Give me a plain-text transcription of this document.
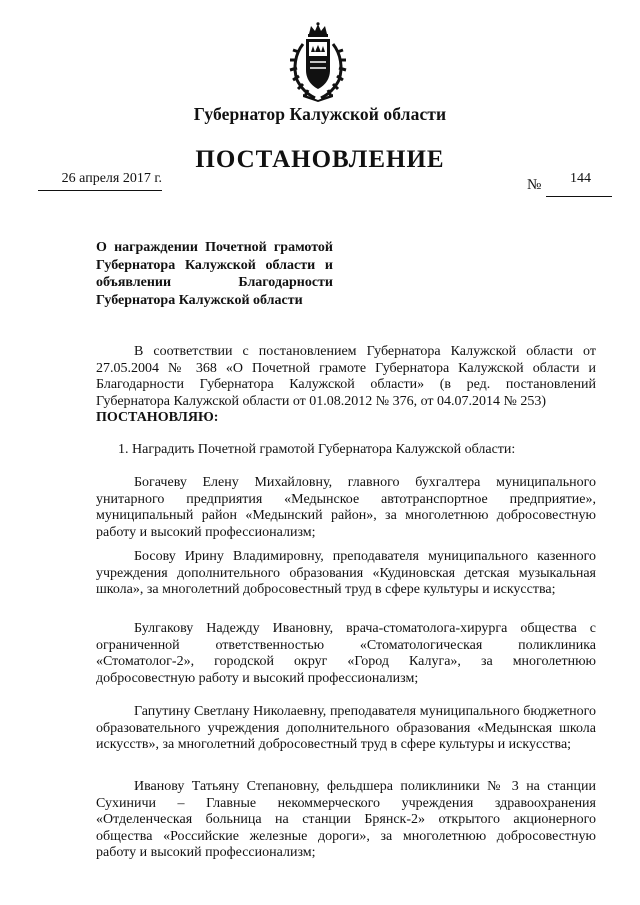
Губернатор Калужской области
ПОСТАНОВЛЕНИЕ
26 апреля 2017 г.	№ 144
О награждении Почетной грамотой Губернатора Калужской области и объявлении Благодарности Губернатора Калужской области
В соответствии с постановлением Губернатора Калужской области от 27.05.2004 № 368 «О Почетной грамоте Губернатора Калужской области и Благодарности Губернатора Калужской области» (в ред. постановлений Губернатора Калужской области от 01.08.2012 № 376, от 04.07.2014 № 253)
ПОСТАНОВЛЯЮ:
1. Наградить Почетной грамотой Губернатора Калужской области:
Богачеву Елену Михайловну, главного бухгалтера муниципального унитарного предприятия «Медынское автотранспортное предприятие», муниципальный район «Медынский район», за многолетнюю добросовестную работу и высокий профессионализм;
Босову Ирину Владимировну, преподавателя муниципального казенного учреждения дополнительного образования «Кудиновская детская музыкальная школа», за многолетний добросовестный труд в сфере культуры и искусства;
Булгакову Надежду Ивановну, врача-стоматолога-хирурга общества с ограниченной ответственностью «Стоматологическая поликлиника «Стоматолог-2», городской округ «Город Калуга», за многолетнюю добросовестную работу и высокий профессионализм;
Гапутину Светлану Николаевну, преподавателя муниципального бюджетного образовательного учреждения дополнительного образования «Медынская школа искусств», за многолетний добросовестный труд в сфере культуры и искусства;
Иванову Татьяну Степановну, фельдшера поликлиники № 3 на станции Сухиничи – Главные некоммерческого учреждения здравоохранения «Отделенческая больница на станции Брянск-2» открытого акционерного общества «Российские железные дороги», за многолетнюю добросовестную работу и высокий профессионализм;
